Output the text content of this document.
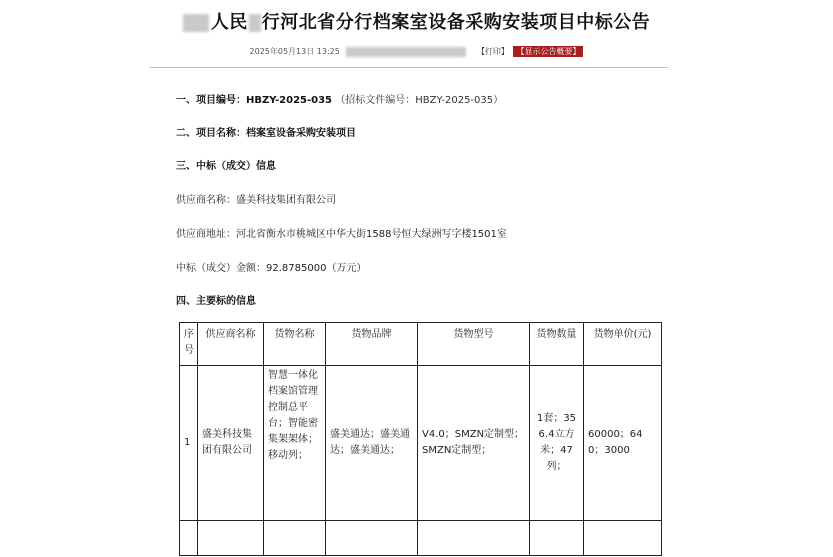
人民 行河北省分行档案室设备采购安装项目中标公告
2025年05月13日 13:25	【打印】 【显示公告概要】
一、项目编号：HBZY-2025-035 （招标文件编号：HBZY-2025-035）
二、项目名称：档案室设备采购安装项目
三、中标（成交）信息
供应商名称：盛美科技集团有限公司
供应商地址：河北省衡水市桃城区中华大街1588号恒大绿洲写字楼1501室
中标（成交）金额：92.8785000（万元）
四、主要标的信息
序号	供应商名称	货物名称	货物品牌	货物型号	货物数量	货物单价(元)
1	盛美科技集团有限公司	智慧一体化档案馆管理控制总平台；智能密集架架体；移动列；	盛美通达；盛美通达；盛美通达；	V4.0；SMZN定制型；SMZN定制型；	1套；356.4立方米；47列；	60000；640；3000
